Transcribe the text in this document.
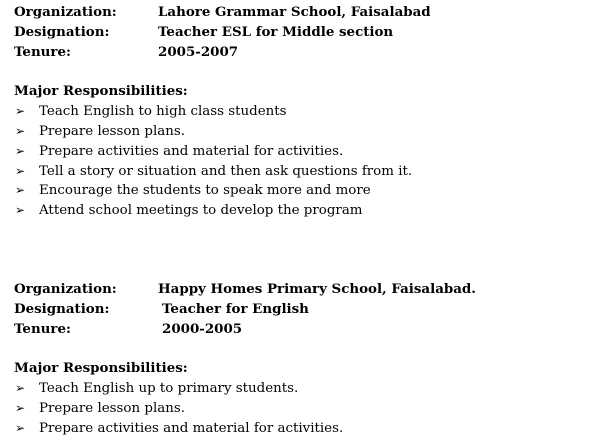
Organization:	Lahore Grammar School, Faisalabad
Designation:	Teacher ESL for Middle section
Tenure:	2005-2007
Major Responsibilities:
➢	Teach English to high class students
➢	Prepare lesson plans.
➢	Prepare activities and material for activities.
➢	Tell a story or situation and then ask questions from it.
➢	Encourage the students to speak more and more
➢	Attend school meetings to develop the program
Organization:	Happy Homes Primary School, Faisalabad.
Designation:	Teacher for English
Tenure:	2000-2005
Major Responsibilities:
➢	Teach English up to primary students.
➢	Prepare lesson plans.
➢	Prepare activities and material for activities.
